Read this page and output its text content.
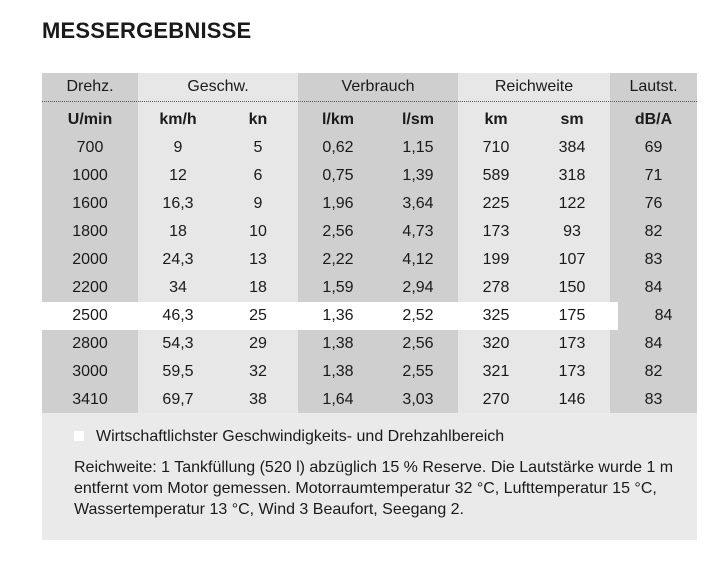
MESSERGEBNISSE
Drehz.	Geschw.	Verbrauch	Reichweite	Lautst.
U/min	km/h	kn	l/km	l/sm	km	sm	dB/A
700	9	5	0,62	1,15	710	384	69
1000	12	6	0,75	1,39	589	318	71
1600	16,3	9	1,96	3,64	225	122	76
1800	18	10	2,56	4,73	173	93	82
2000	24,3	13	2,22	4,12	199	107	83
2200	34	18	1,59	2,94	278	150	84
2500	46,3	25	1,36	2,52	325	175	84
2800	54,3	29	1,38	2,56	320	173	84
3000	59,5	32	1,38	2,55	321	173	82
3410	69,7	38	1,64	3,03	270	146	83
Wirtschaftlichster Geschwindigkeits- und Drehzahlbereich
Reichweite: 1 Tankfüllung (520 l) abzüglich 15 % Reserve. Die Lautstärke wurde 1 m entfernt vom Motor gemessen. Motorraumtemperatur 32 °C, Lufttemperatur 15 °C, Wassertemperatur 13 °C, Wind 3 Beaufort, Seegang 2.
